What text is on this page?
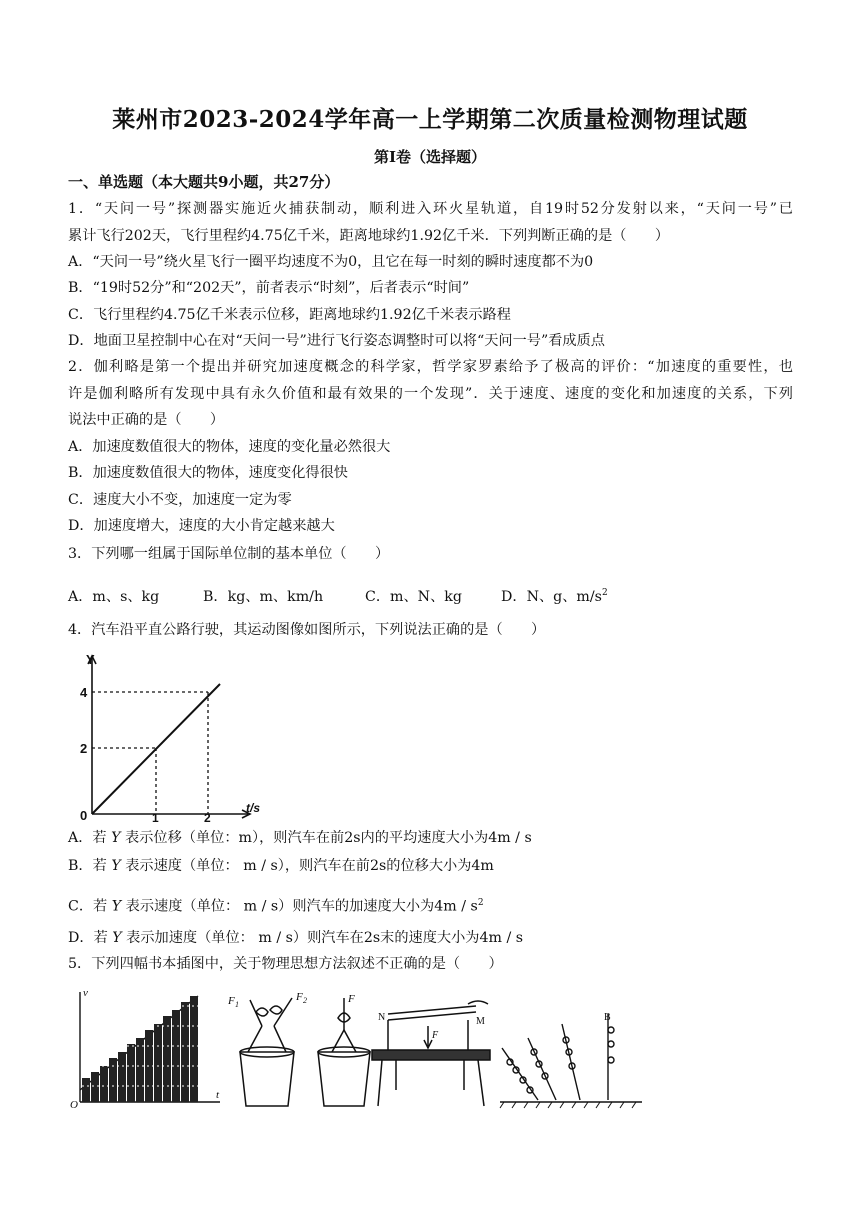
莱州市2023-2024学年高一上学期第二次质量检测物理试题
第Ⅰ卷（选择题）
一、单选题（本大题共9小题，共27分）
1．“天问一号”探测器实施近火捕获制动，顺利进入环火星轨道，自19时52分发射以来，“天问一号”已
累计飞行202天，飞行里程约4.75亿千米，距离地球约1.92亿千米．下列判断正确的是（　　）
A．“天问一号”绕火星飞行一圈平均速度不为0，且它在每一时刻的瞬时速度都不为0
B．“19时52分”和“202天”，前者表示“时刻”，后者表示“时间”
C．飞行里程约4.75亿千米表示位移，距离地球约1.92亿千米表示路程
D．地面卫星控制中心在对“天问一号”进行飞行姿态调整时可以将“天问一号”看成质点
2．伽利略是第一个提出并研究加速度概念的科学家，哲学家罗素给予了极高的评价：“加速度的重要性，也
许是伽利略所有发现中具有永久价值和最有效果的一个发现”．关于速度、速度的变化和加速度的关系，下列
说法中正确的是（　　）
A．加速度数值很大的物体，速度的变化量必然很大
B．加速度数值很大的物体，速度变化得很快
C．速度大小不变，加速度一定为零
D．加速度增大，速度的大小肯定越来越大
3．下列哪一组属于国际单位制的基本单位（　　）
A．m、s、kg	B．kg、m、km/h	C．m、N、kg	D．N、g、$m/s^2$
4．汽车沿平直公路行驶，其运动图像如图所示，下列说法正确的是（　　）
Y
0
2
4
1	2
t/s
A．若 Y 表示位移（单位：m），则汽车在前2s内的平均速度大小为4m / s
B．若 Y 表示速度（单位： m / s），则汽车在前2s的位移大小为4m
C．若 Y 表示速度（单位： m / s）则汽车的加速度大小为$4m / s^2$
D．若 Y 表示加速度（单位： m / s）则汽车在2s末的速度大小为4m / s
5．下列四幅书本插图中，关于物理思想方法叙述不正确的是（　　）
v
O
t
F 1
F 2	F
N	M
F
B
